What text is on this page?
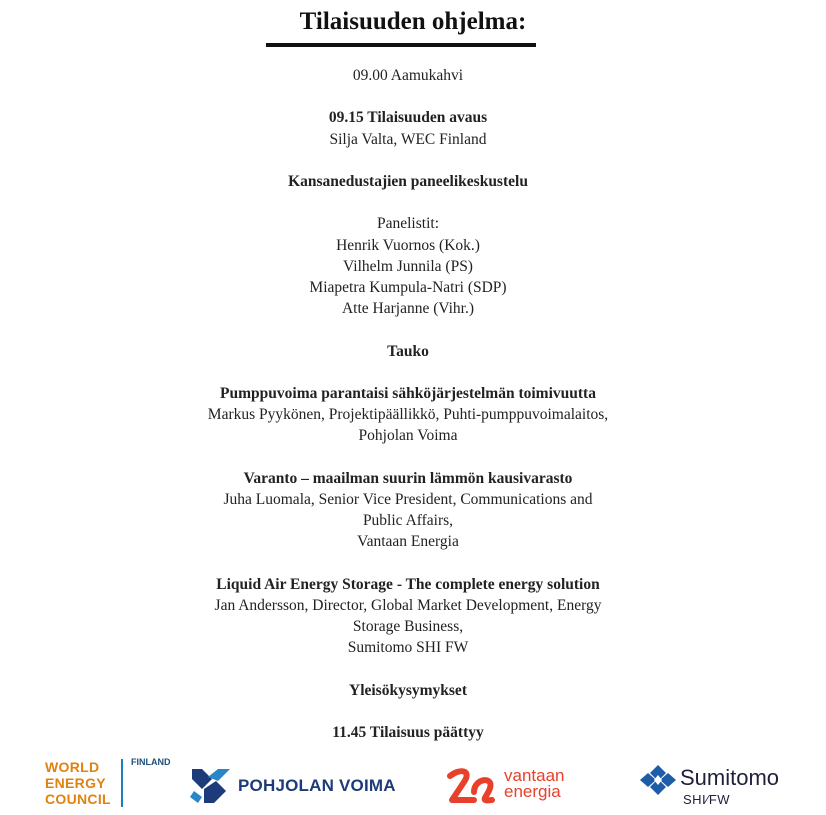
Tilaisuuden ohjelma:
09.00 Aamukahvi
09.15 Tilaisuuden avaus
Silja Valta, WEC Finland
Kansanedustajien paneelikeskustelu
Panelistit:
Henrik Vuornos (Kok.)
Vilhelm Junnila (PS)
Miapetra Kumpula-Natri (SDP)
Atte Harjanne (Vihr.)
Tauko
Pumppuvoima parantaisi sähköjärjestelmän toimivuutta
Markus Pyykönen, Projektipäällikkö, Puhti-pumppuvoimalaitos,
Pohjolan Voima
Varanto – maailman suurin lämmön kausivarasto
Juha Luomala, Senior Vice President, Communications and
Public Affairs,
Vantaan Energia
Liquid Air Energy Storage - The complete energy solution
Jan Andersson, Director, Global Market Development, Energy
Storage Business,
Sumitomo SHI FW
Yleisökysymykset
11.45 Tilaisuus päättyy
WORLD
ENERGY
COUNCIL
FINLAND
POHJOLAN VOIMA
vantaan
energia
Sumitomo
SHI∕FW
